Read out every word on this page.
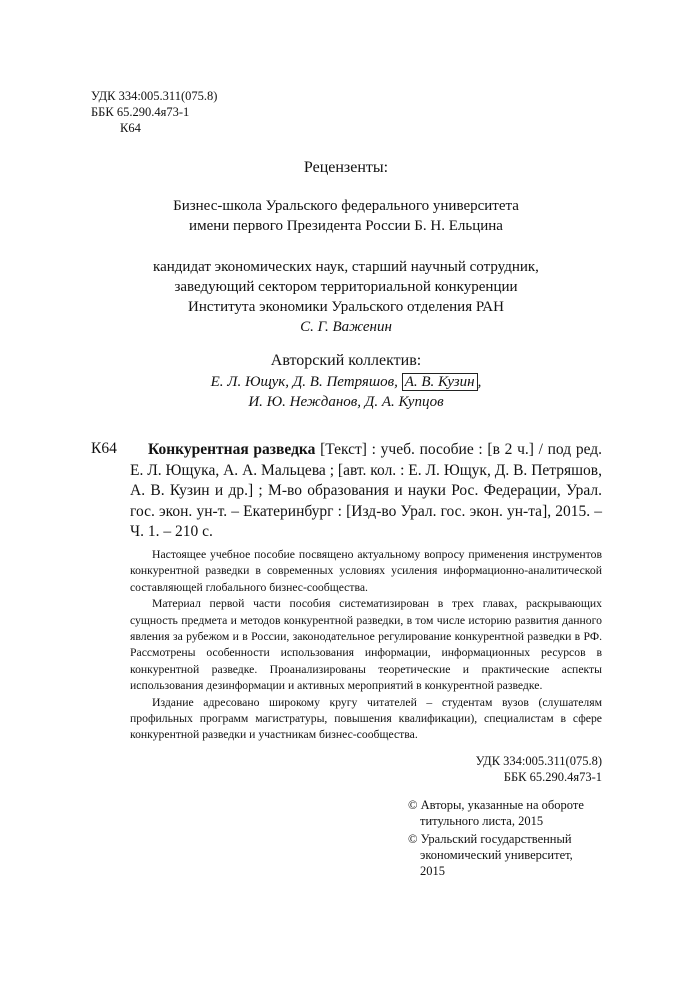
УДК 334:005.311(075.8)
ББК 65.290.4я73-1
К64
Рецензенты:
Бизнес-школа Уральского федерального университета
имени первого Президента России Б. Н. Ельцина
кандидат экономических наук, старший научный сотрудник,
заведующий сектором территориальной конкуренции
Института экономики Уральского отделения РАН
С. Г. Важенин
Авторский коллектив:
Е. Л. Ющук, Д. В. Петряшов, А. В. Кузин ,
И. Ю. Нежданов, Д. А. Купцов
К64	Конкурентная разведка [Текст] : учеб. пособие : [в 2 ч.] / под ред. Е. Л. Ющука, А. А. Мальцева ; [авт. кол. : Е. Л. Ющук, Д. В. Петряшов, А. В. Кузин и др.] ; М-во образования и науки Рос. Федерации, Урал. гос. экон. ун-т. – Екатеринбург : [Изд-во Урал. гос. экон. ун-та], 2015. – Ч. 1. – 210 с.

Настоящее учебное пособие посвящено актуальному вопросу применения инструментов конкурентной разведки в современных условиях усиления информационно-аналитической составляющей глобального бизнес-сообщества.

Материал первой части пособия систематизирован в трех главах, раскрывающих сущность предмета и методов конкурентной разведки, в том числе историю развития данного явления за рубежом и в России, законодательное регулирование конкурентной разведки в РФ. Рассмотрены особенности использования информации, информационных ресурсов в конкурентной разведке. Проанализированы теоретические и практические аспекты использования дезинформации и активных мероприятий в конкурентной разведке.

Издание адресовано широкому кругу читателей – студентам вузов (слушателям профильных программ магистратуры, повышения квалификации), специалистам в сфере конкурентной разведки и участникам бизнес-сообщества.

УДК 334:005.311(075.8)
ББК 65.290.4я73-1
© Авторы, указанные на обороте
титульного листа, 2015
© Уральский государственный
экономический университет,
2015
